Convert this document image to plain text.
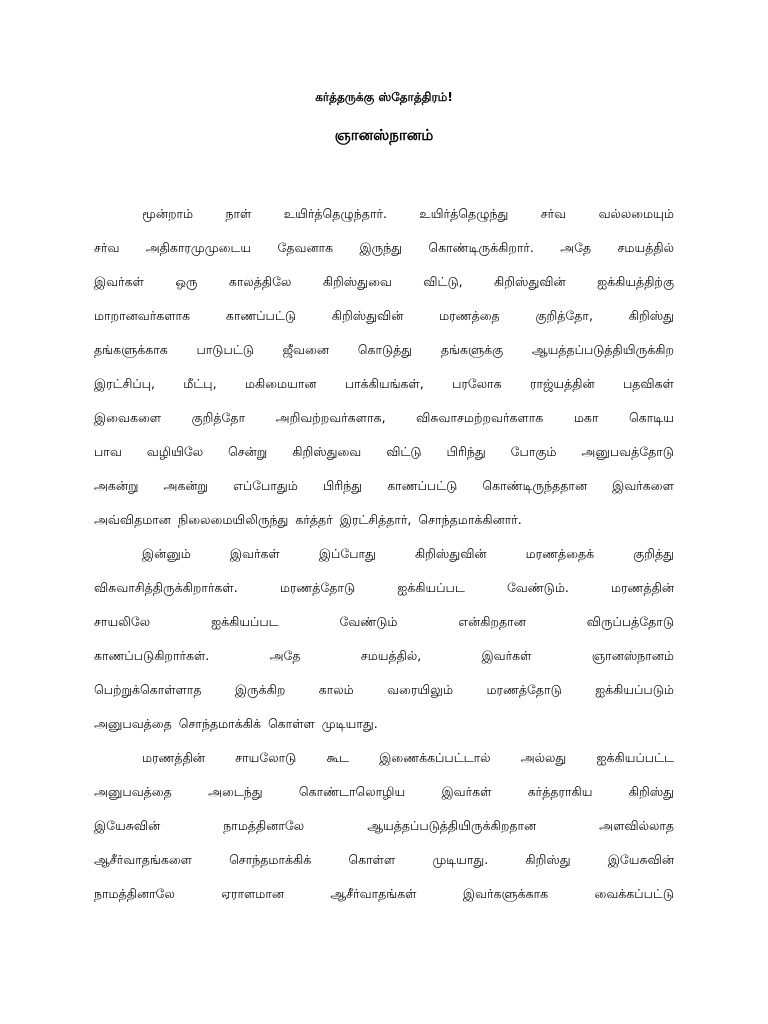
கர்த்தருக்கு ஸ்தோத்திரம்!
ஞானஸ்நானம்
மூன்றாம்	நாள்	உயிர்த்தெழுந்தார்.	உயிர்த்தெழுந்து	சர்வ	வல்லமையும்
சர்வ அதிகாரமுமுடைய தேவனாக இருந்து கொண்டிருக்கிறார். அதே சமயத்தில்
இவர்கள்	ஒரு	காலத்திலே	கிறிஸ்துவை	விட்டு,	கிறிஸ்துவின்	ஐக்கியத்திற்கு
மாறானவர்களாக	காணப்பட்டு	கிறிஸ்துவின்	மரணத்தை	குறித்தோ,	கிறிஸ்து
தங்களுக்காக பாடுபட்டு ஜீவனை கொடுத்து தங்களுக்கு ஆயத்தப்படுத்தியிருக்கிற
இரட்சிப்பு, மீட்பு, மகிமையான பாக்கியங்கள், பரலோக ராஜ்யத்தின் பதவிகள்
இவைகளை குறித்தோ அறிவற்றவர்களாக, விசுவாசமற்றவர்களாக மகா கொடிய
பாவ வழியிலே சென்று கிறிஸ்துவை விட்டு பிரிந்து போகும் அனுபவத்தோடு
அகன்று அகன்று எப்போதும் பிரிந்து காணப்பட்டு கொண்டிருந்ததான இவர்களை
அவ்விதமான நிலைமையிலிருந்து கர்த்தர் இரட்சித்தார், சொந்தமாக்கினார்.
இன்னும்	இவர்கள்	இப்போது	கிறிஸ்துவின்	மரணத்தைக்	குறித்து
விசுவாசித்திருக்கிறார்கள்.	மரணத்தோடு	ஐக்கியப்பட	வேண்டும்.	மரணத்தின்
சாயலிலே	ஐக்கியப்பட	வேண்டும்	என்கிறதான	விருப்பத்தோடு
காணப்படுகிறார்கள்.	அதே	சமயத்தில்,	இவர்கள்	ஞானஸ்நானம்
பெற்றுக்கொள்ளாத	இருக்கிற	காலம்	வரையிலும்	மரணத்தோடு	ஐக்கியப்படும்
அனுபவத்தை சொந்தமாக்கிக் கொள்ள முடியாது.
மரணத்தின் சாயலோடு கூட இணைக்கப்பட்டால் அல்லது ஐக்கியப்பட்ட
அனுபவத்தை	அடைந்து	கொண்டாலொழிய	இவர்கள்	கர்த்தராகிய	கிறிஸ்து
இயேசுவின்	நாமத்தினாலே	ஆயத்தப்படுத்தியிருக்கிறதான	அளவில்லாத
ஆசீர்வாதங்களை	சொந்தமாக்கிக்	கொள்ள	முடியாது.	கிறிஸ்து	இயேசுவின்
நாமத்தினாலே	ஏராளமான	ஆசீர்வாதங்கள்	இவர்களுக்காக	வைக்கப்பட்டு
